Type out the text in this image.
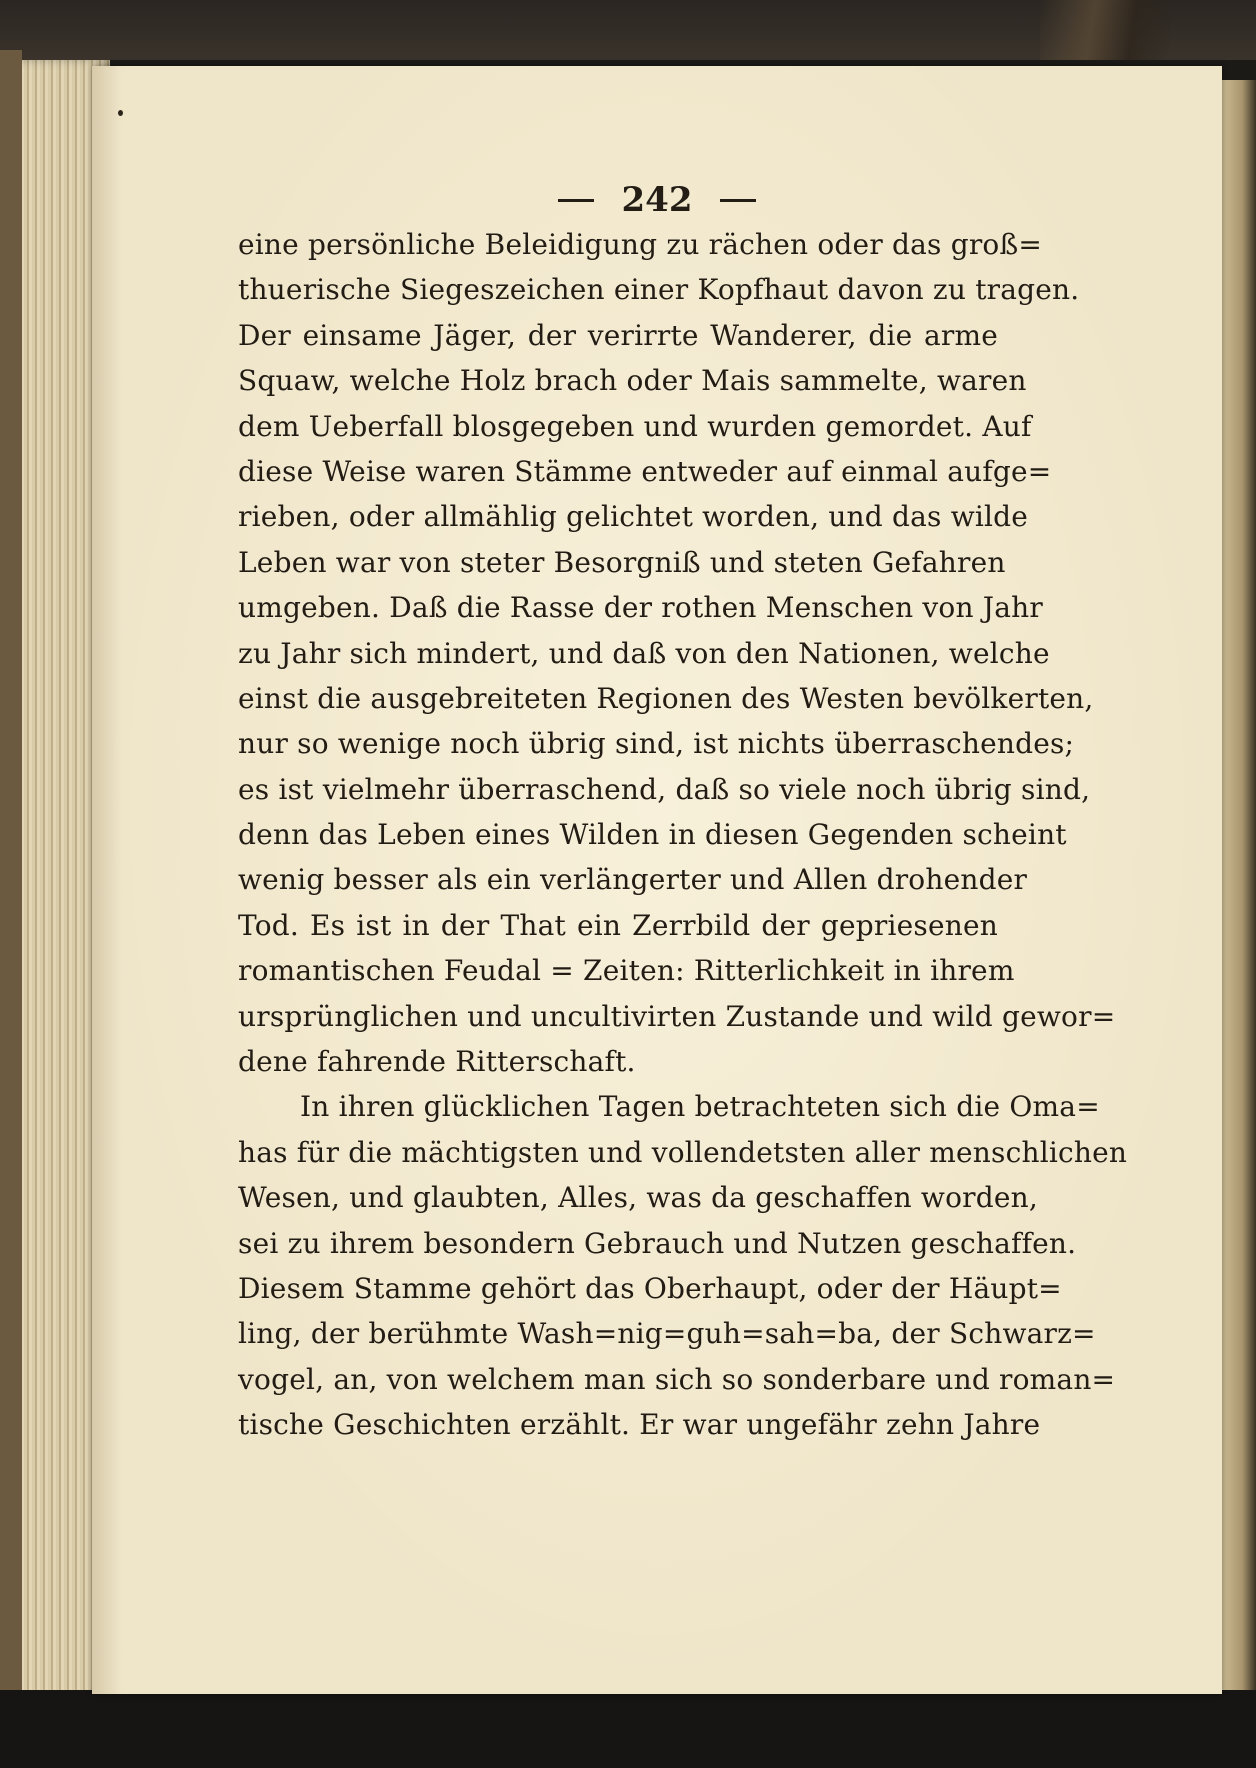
242
eine persönliche Beleidigung zu rächen oder das groß=
thuerische Siegeszeichen einer Kopfhaut davon zu tragen.
Der einsame Jäger, der verirrte Wanderer, die arme
Squaw, welche Holz brach oder Mais sammelte, waren
dem Ueberfall blosgegeben und wurden gemordet. Auf
diese Weise waren Stämme entweder auf einmal aufge=
rieben, oder allmählig gelichtet worden, und das wilde
Leben war von steter Besorgniß und steten Gefahren
umgeben. Daß die Rasse der rothen Menschen von Jahr
zu Jahr sich mindert, und daß von den Nationen, welche
einst die ausgebreiteten Regionen des Westen bevölkerten,
nur so wenige noch übrig sind, ist nichts überraschendes;
es ist vielmehr überraschend, daß so viele noch übrig sind,
denn das Leben eines Wilden in diesen Gegenden scheint
wenig besser als ein verlängerter und Allen drohender
Tod. Es ist in der That ein Zerrbild der gepriesenen
romantischen Feudal = Zeiten: Ritterlichkeit in ihrem
ursprünglichen und uncultivirten Zustande und wild gewor=
dene fahrende Ritterschaft.
In ihren glücklichen Tagen betrachteten sich die Oma=
has für die mächtigsten und vollendetsten aller menschlichen
Wesen, und glaubten, Alles, was da geschaffen worden,
sei zu ihrem besondern Gebrauch und Nutzen geschaffen.
Diesem Stamme gehört das Oberhaupt, oder der Häupt=
ling, der berühmte Wash=nig=guh=sah=ba, der Schwarz=
vogel, an, von welchem man sich so sonderbare und roman=
tische Geschichten erzählt. Er war ungefähr zehn Jahre
